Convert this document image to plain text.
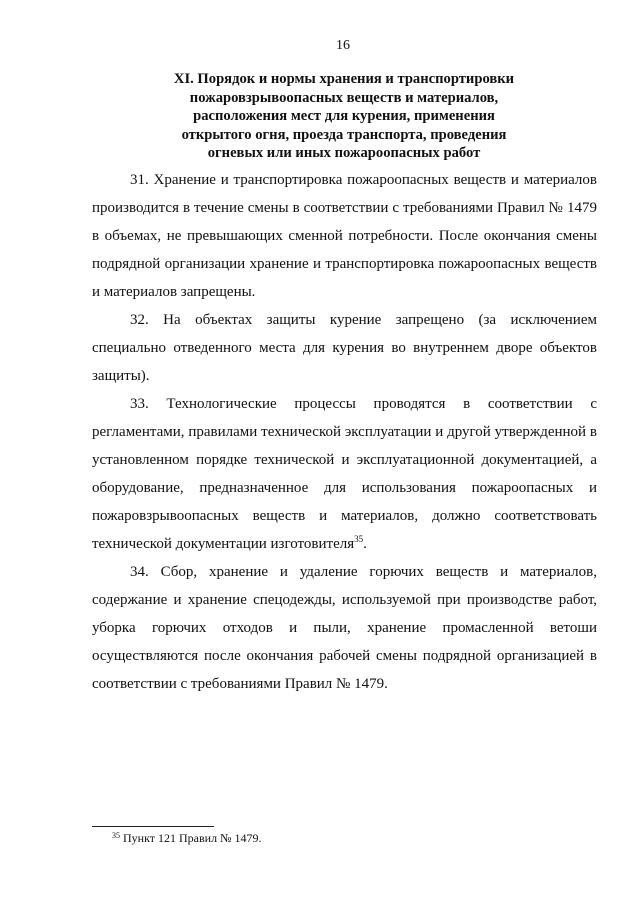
16
XI. Порядок и нормы хранения и транспортировки
пожаровзрывоопасных веществ и материалов,
расположения мест для курения, применения
открытого огня, проезда транспорта, проведения
огневых или иных пожароопасных работ

31. Хранение и транспортировка пожароопасных веществ и материалов производится в течение смены в соответствии с требованиями Правил № 1479 в объемах, не превышающих сменной потребности. После окончания смены подрядной организации хранение и транспортировка пожароопасных веществ и материалов запрещены.

32. На объектах защиты курение запрещено (за исключением специально отведенного места для курения во внутреннем дворе объектов защиты).

33. Технологические процессы проводятся в соответствии с регламентами, правилами технической эксплуатации и другой утвержденной в установленном порядке технической и эксплуатационной документацией, а оборудование, предназначенное для использования пожароопасных и пожаровзрывоопасных веществ и материалов, должно соответствовать технической документации изготовителя$^{35}$.

34. Сбор, хранение и удаление горючих веществ и материалов, содержание и хранение спецодежды, используемой при производстве работ, уборка горючих отходов и пыли, хранение промасленной ветоши осуществляются после окончания рабочей смены подрядной организацией в соответствии с требованиями Правил № 1479.

$^{35}$ Пункт 121 Правил № 1479.
